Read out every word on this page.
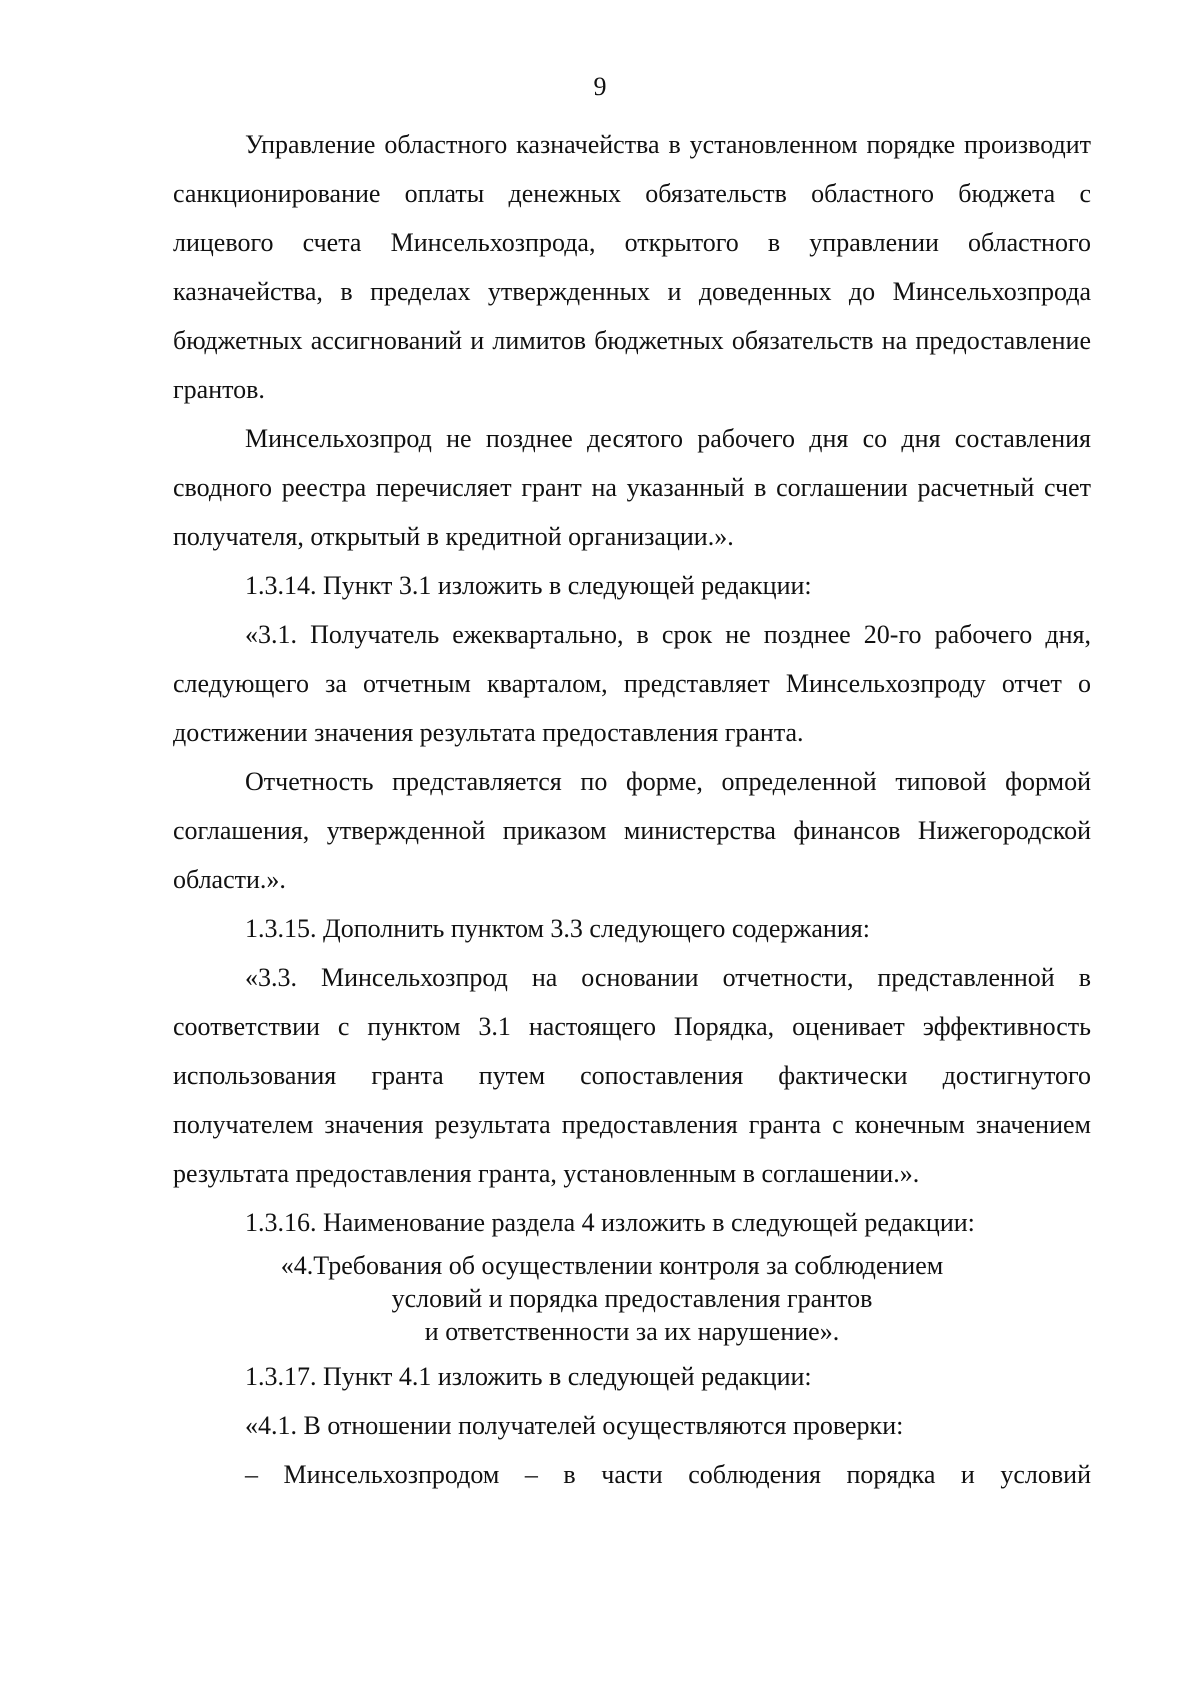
9

Управление областного казначейства в установленном порядке производит санкционирование оплаты денежных обязательств областного бюджета с лицевого счета Минсельхозпрода, открытого в управлении областного казначейства, в пределах утвержденных и доведенных до Минсельхозпрода бюджетных ассигнований и лимитов бюджетных обязательств на предоставление грантов.

Минсельхозпрод не позднее десятого рабочего дня со дня составления сводного реестра перечисляет грант на указанный в соглашении расчетный счет получателя, открытый в кредитной организации.».

1.3.14. Пункт 3.1 изложить в следующей редакции:

«3.1. Получатель ежеквартально, в срок не позднее 20-го рабочего дня, следующего за отчетным кварталом, представляет Минсельхозпроду отчет о достижении значения результата предоставления гранта.

Отчетность представляется по форме, определенной типовой формой соглашения, утвержденной приказом министерства финансов Нижегородской области.».

1.3.15. Дополнить пунктом 3.3 следующего содержания:

«3.3. Минсельхозпрод на основании отчетности, представленной в соответствии с пунктом 3.1 настоящего Порядка, оценивает эффективность использования гранта путем сопоставления фактически достигнутого получателем значения результата предоставления гранта с конечным значением результата предоставления гранта, установленным в соглашении.».

1.3.16. Наименование раздела 4 изложить в следующей редакции:

«4.Требования об осуществлении контроля за соблюдением
условий и порядка предоставления грантов
и ответственности за их нарушение».

1.3.17. Пункт 4.1 изложить в следующей редакции:

«4.1. В отношении получателей осуществляются проверки:

– Минсельхозпродом – в части соблюдения порядка и условий
